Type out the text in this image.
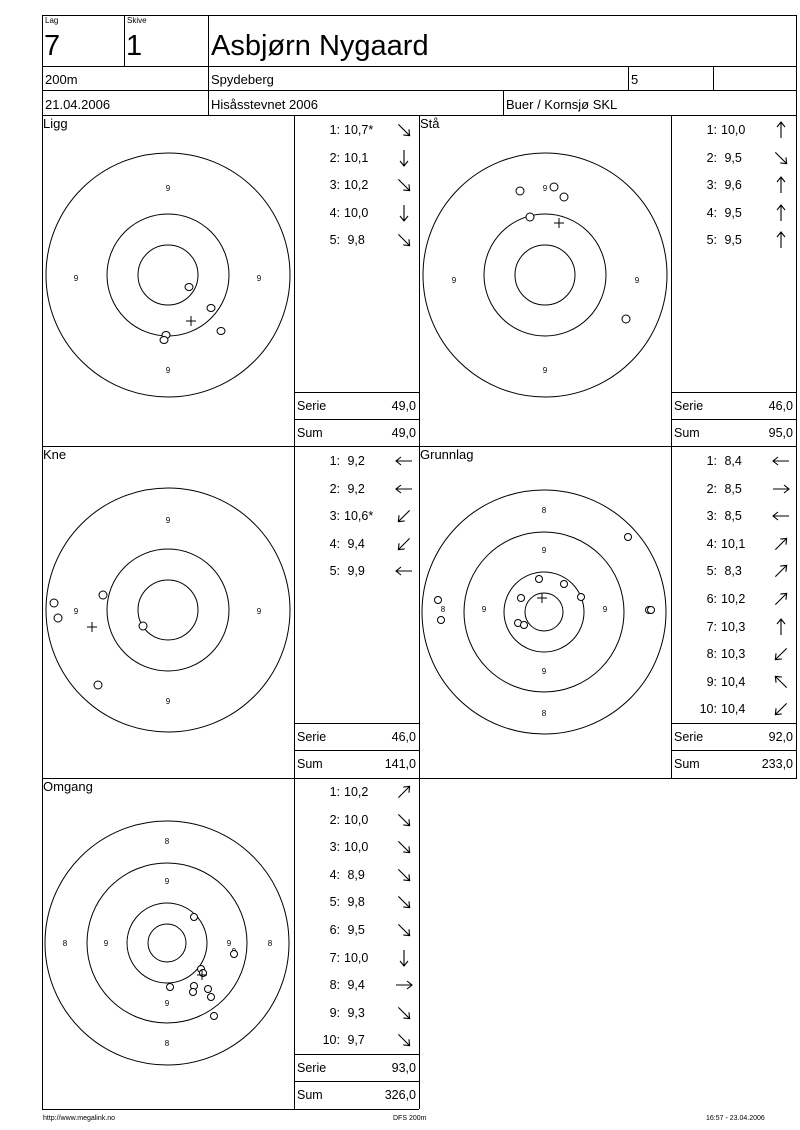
Lag
7
Skive
1 Asbjørn Nygaard
200m	Spydeberg	5
21.04.2006	Hisåsstevnet 2006	Buer / Kornsjø SKL
Ligg	Stå
Kne	Grunnlag
Omgang
9
9	9
9
9
9	9
9
9
9	9
9
8
9
9	9
9
8
8
8
9
9	9
9
8
8	8
1: 10,7*
2: 10,1
3: 10,2
4: 10,0
5: 9,8
1: 10,0
2: 9,5
3: 9,6
4: 9,5
5: 9,5
1: 9,2
2: 9,2
3: 10,6*
4: 9,4
5: 9,9
1: 8,4
2: 8,5
3: 8,5
4: 10,1
5: 8,3
6: 10,2
7: 10,3
8: 10,3
9: 10,4
10: 10,4
1: 10,2
2: 10,0
3: 10,0
4: 8,9
5: 9,8
6: 9,5
7: 10,0
8: 9,4
9: 9,3
10: 9,7
Serie	49,0
Sum	49,0
Serie	46,0
Sum	95,0
Serie	46,0
Sum	141,0
Serie	92,0
Sum	233,0
Serie	93,0
Sum	326,0
http://www.megalink.no	DFS 200m	16:57 - 23.04.2006
